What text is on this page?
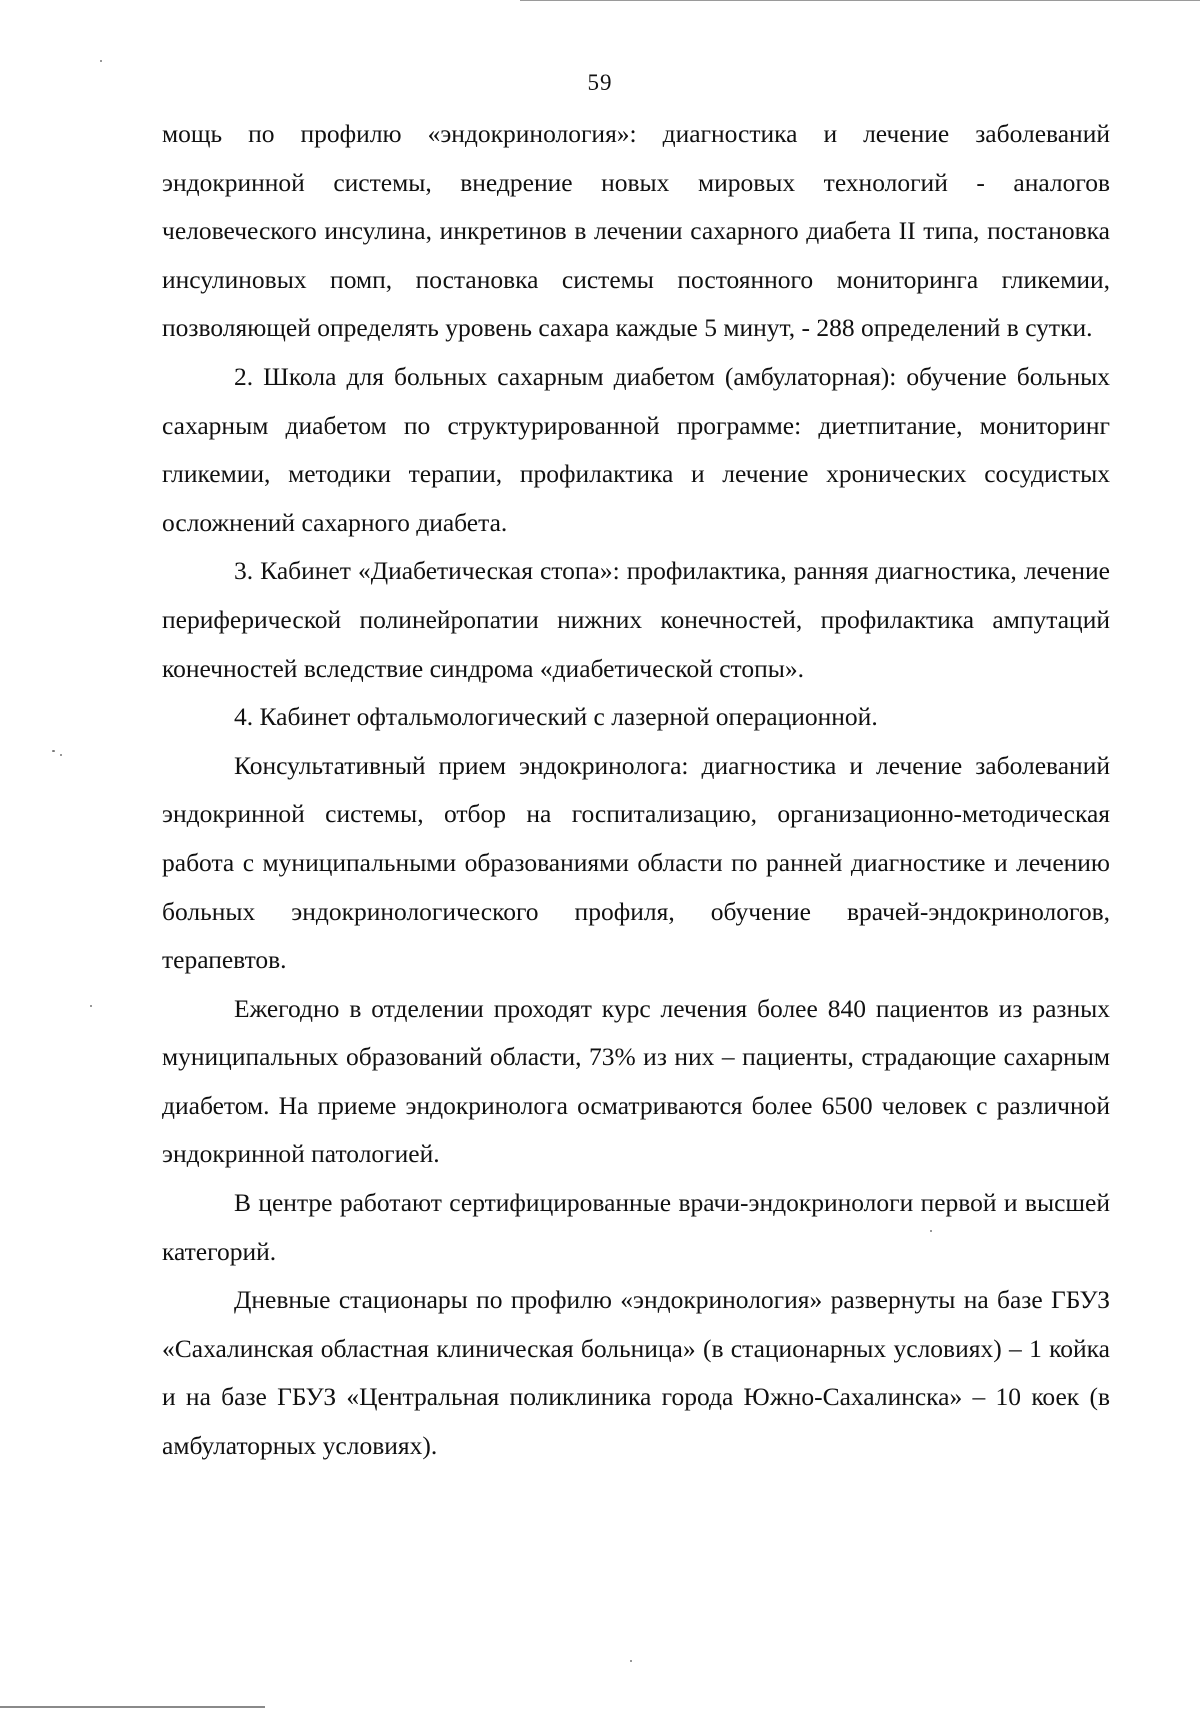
59

мощь по профилю «эндокринология»: диагностика и лечение заболеваний эндокринной системы, внедрение новых мировых технологий - аналогов человеческого инсулина, инкретинов в лечении сахарного диабета II типа, постановка инсулиновых помп, постановка системы постоянного мониторинга гликемии, позволяющей определять уровень сахара каждые 5 минут, - 288 определений в сутки.

2. Школа для больных сахарным диабетом (амбулаторная): обучение больных сахарным диабетом по структурированной программе: диетпитание, мониторинг гликемии, методики терапии, профилактика и лечение хронических сосудистых осложнений сахарного диабета.

3. Кабинет «Диабетическая стопа»: профилактика, ранняя диагностика, лечение периферической полинейропатии нижних конечностей, профилактика ампутаций конечностей вследствие синдрома «диабетической стопы».

4. Кабинет офтальмологический с лазерной операционной.

Консультативный прием эндокринолога: диагностика и лечение заболеваний эндокринной системы, отбор на госпитализацию, организационно-методическая работа с муниципальными образованиями области по ранней диагностике и лечению больных эндокринологического профиля, обучение врачей-эндокринологов, терапевтов.

Ежегодно в отделении проходят курс лечения более 840 пациентов из разных муниципальных образований области, 73% из них – пациенты, страдающие сахарным диабетом. На приеме эндокринолога осматриваются более 6500 человек с различной эндокринной патологией.

В центре работают сертифицированные врачи-эндокринологи первой и высшей категорий.

Дневные стационары по профилю «эндокринология» развернуты на базе ГБУЗ «Сахалинская областная клиническая больница» (в стационарных условиях) – 1 койка и на базе ГБУЗ «Центральная поликлиника города Южно-Сахалинска» – 10 коек (в амбулаторных условиях).
